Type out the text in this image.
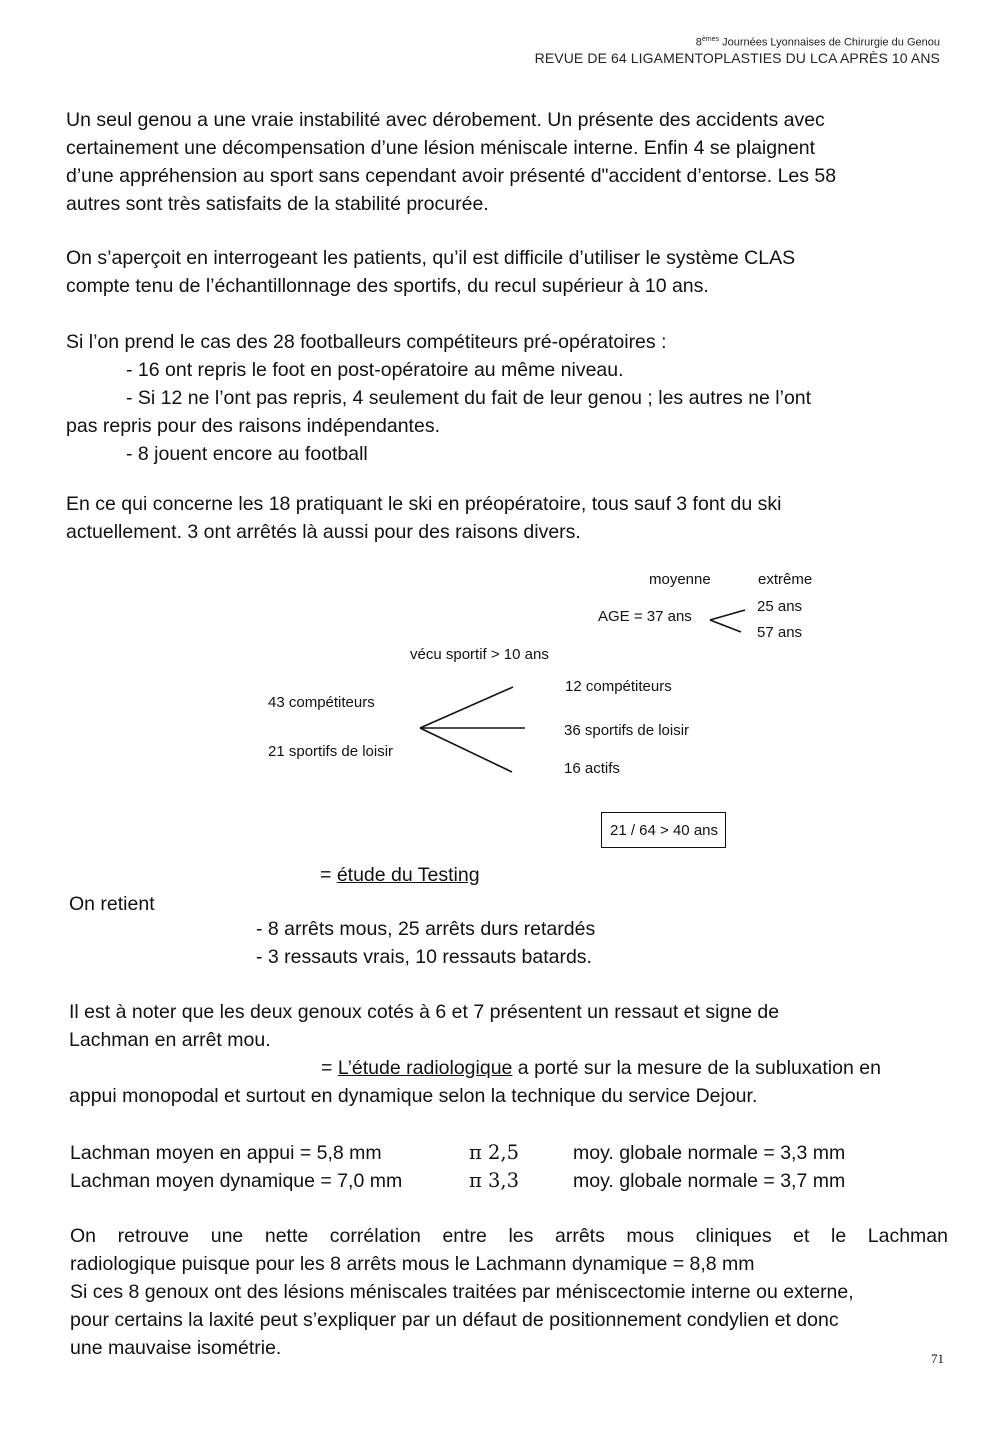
8èmes Journées Lyonnaises de Chirurgie du Genou
REVUE DE 64 LIGAMENTOPLASTIES DU LCA APRÈS 10 ANS
Un seul genou a une vraie instabilité avec dérobement. Un présente des accidents avec
certainement une décompensation d’une lésion méniscale interne. Enfin 4 se plaignent
d’une appréhension au sport sans cependant avoir présenté d"accident d’entorse. Les 58
autres sont très satisfaits de la stabilité procurée.
On s’aperçoit en interrogeant les patients, qu’il est difficile d’utiliser le système CLAS
compte tenu de l’échantillonnage des sportifs, du recul supérieur à 10 ans.
Si l’on prend le cas des 28 footballeurs compétiteurs pré-opératoires :
- 16 ont repris le foot en post-opératoire au même niveau.
- Si 12 ne l’ont pas repris, 4 seulement du fait de leur genou ; les autres ne l’ont
pas repris pour des raisons indépendantes.
- 8 jouent encore au football
En ce qui concerne les 18 pratiquant le ski en préopératoire, tous sauf 3 font du ski
actuellement. 3 ont arrêtés là aussi pour des raisons divers.
moyenne	extrême
AGE = 37 ans
25 ans
57 ans
vécu sportif > 10 ans
43 compétiteurs
21 sportifs de loisir
12 compétiteurs
36 sportifs de loisir
16 actifs
21 / 64 > 40 ans
= étude du Testing
On retient
- 8 arrêts mous, 25 arrêts durs retardés
- 3 ressauts vrais, 10 ressauts batards.
Il est à noter que les deux genoux cotés à 6 et 7 présentent un ressaut et signe de
Lachman en arrêt mou.
= L’étude radiologique a porté sur la mesure de la subluxation en
appui monopodal et surtout en dynamique selon la technique du service Dejour.
Lachman moyen en appui = 5,8 mm	π 2,5	moy. globale normale = 3,3 mm
Lachman moyen dynamique = 7,0 mm	π 3,3	moy. globale normale = 3,7 mm
On retrouve une nette corrélation entre les arrêts mous cliniques et le Lachman
radiologique puisque pour les 8 arrêts mous le Lachmann dynamique = 8,8 mm
Si ces 8 genoux ont des lésions méniscales traitées par méniscectomie interne ou externe,
pour certains la laxité peut s’expliquer par un défaut de positionnement condylien et donc
une mauvaise isométrie.	71
